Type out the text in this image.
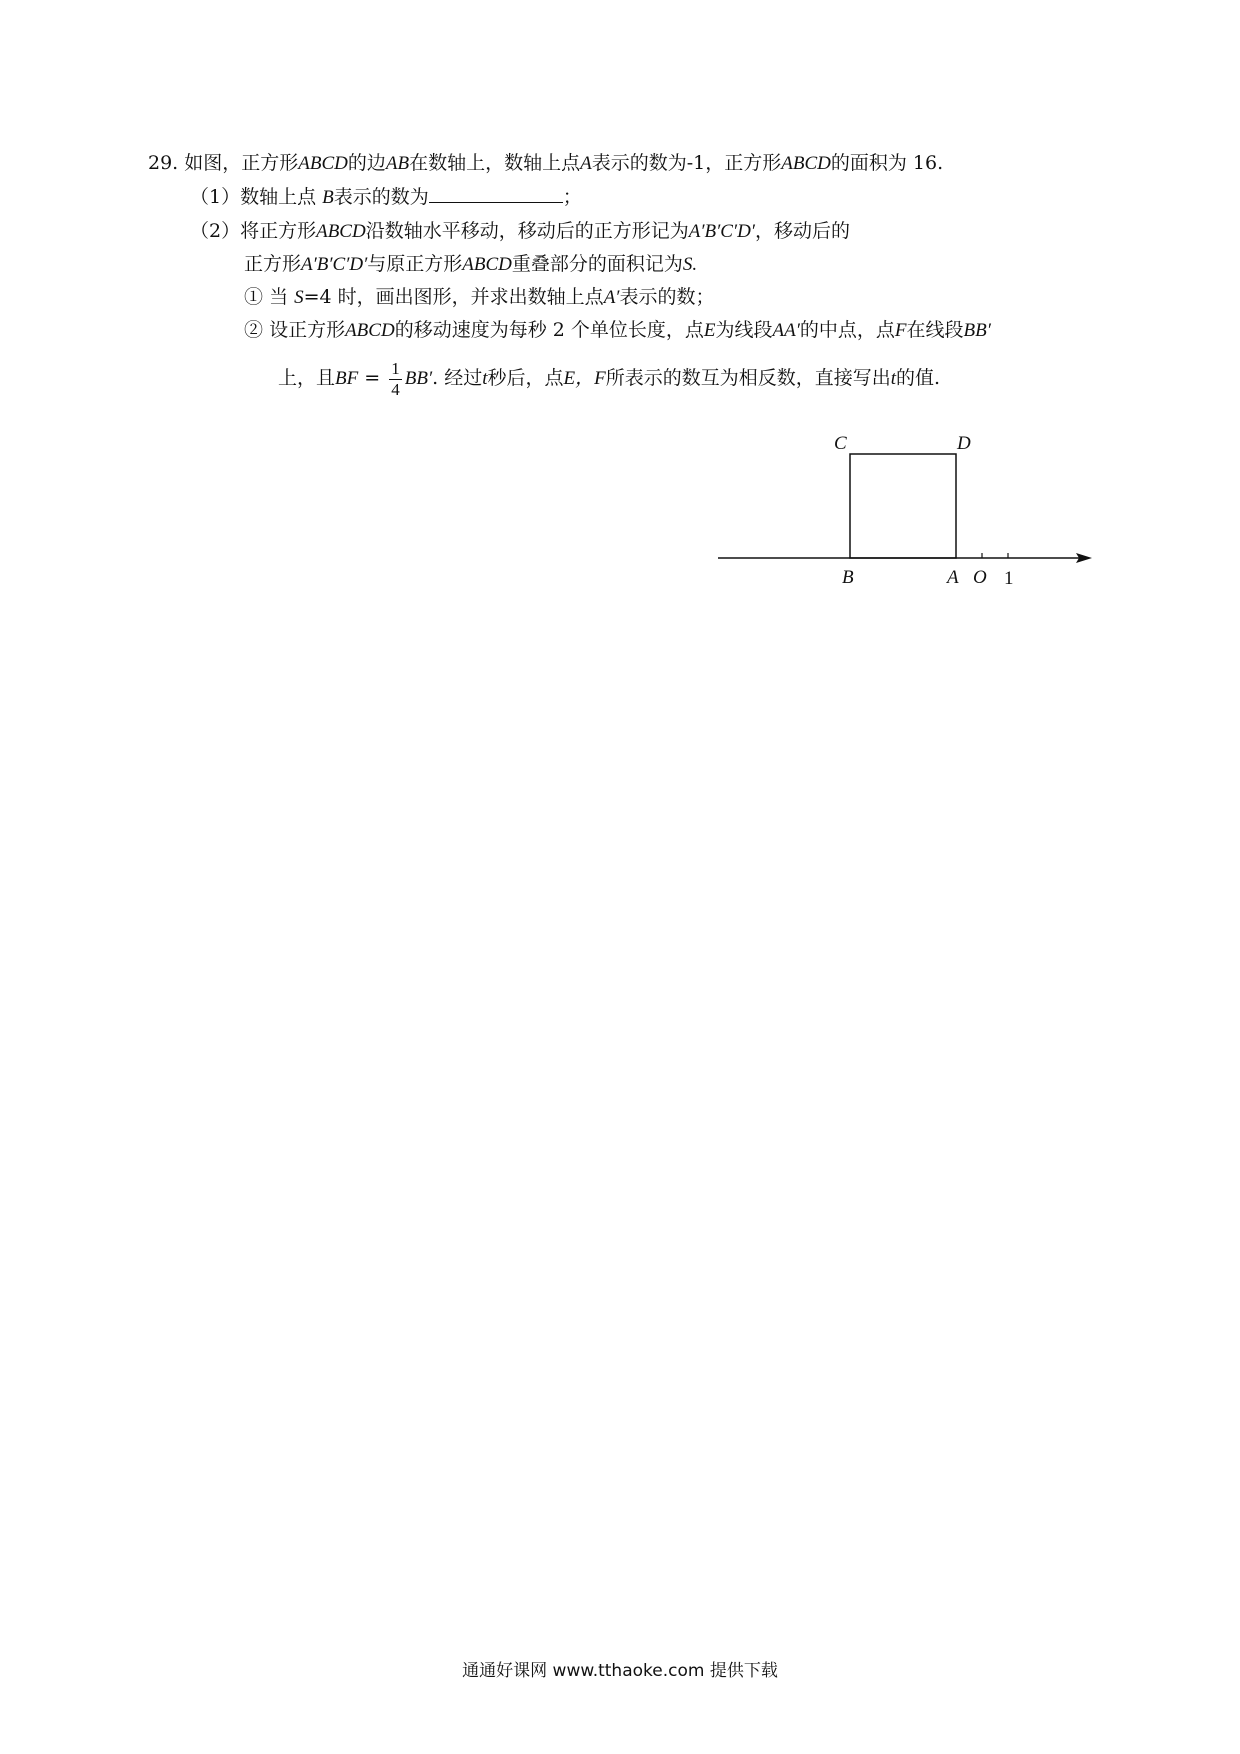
29. 如图，正方形ABCD的边AB在数轴上，数轴上点A表示的数为-1，正方形ABCD的面积为 16.
（1）数轴上点 B表示的数为	；
（2）将正方形ABCD沿数轴水平移动，移动后的正方形记为A′B′C′D′，移动后的
正方形A′B′C′D′与原正方形ABCD重叠部分的面积记为S.
① 当 S=4 时，画出图形，并求出数轴上点A′表示的数；
② 设正方形ABCD的移动速度为每秒 2 个单位长度，点E为线段AA′的中点，点F在线段BB′
上，且BF = $\frac{1}{4} BB'$. 经过t秒后，点E，F所表示的数互为相反数，直接写出t的值.
C	D
B	A O 1
通通好课网 www.tthaoke.com 提供下载
